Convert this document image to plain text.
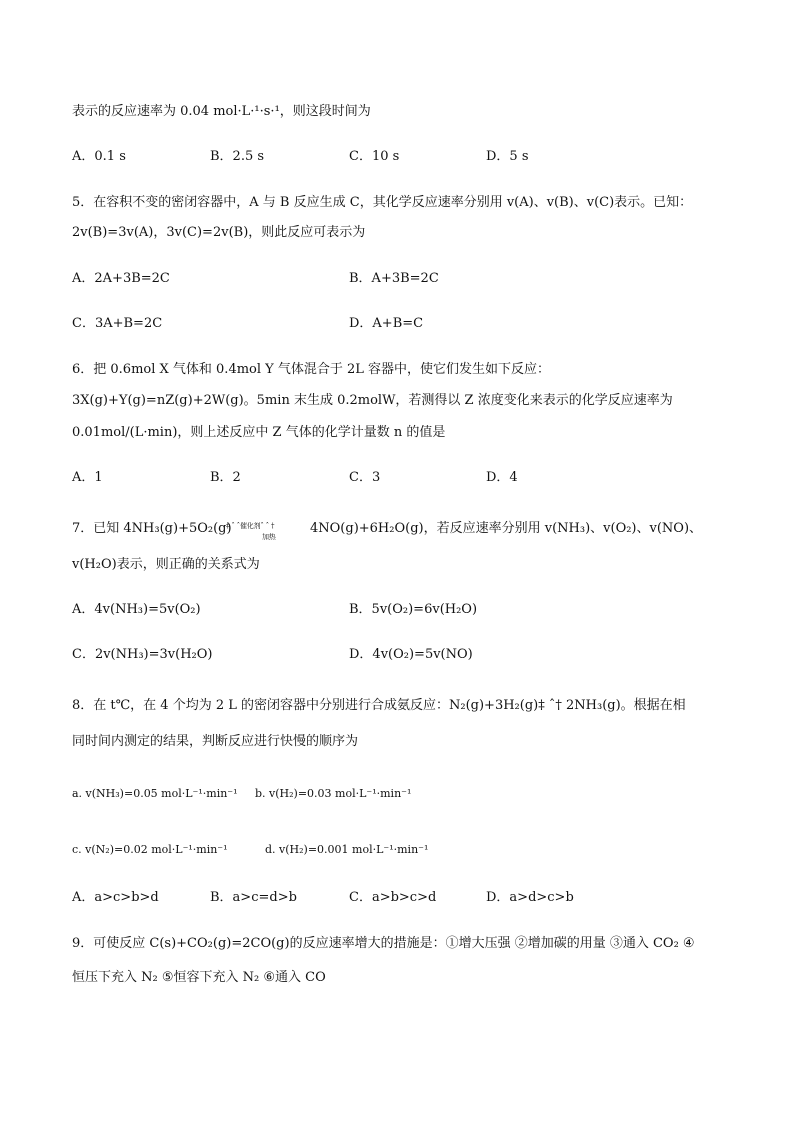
表示的反应速率为 0.04 mol·L·¹·s·¹，则这段时间为
A．0.1 s	B．2.5 s	C．10 s	D．5 s
5．在容积不变的密闭容器中，A 与 B 反应生成 C，其化学反应速率分别用 v(A)、v(B)、v(C)表示。已知：
2v(B)=3v(A)，3v(C)=2v(B)，则此反应可表示为
A．2A+3B=2C	B．A+3B=2C
C．3A+B=2C	D．A+B=C
6．把 0.6mol X 气体和 0.4mol Y 气体混合于 2L 容器中，使它们发生如下反应：
3X(g)+Y(g)=nZ(g)+2W(g)。5min 末生成 0.2molW，若测得以 Z 浓度变化来表示的化学反应速率为
0.01mol/(L·min)，则上述反应中 Z 气体的化学计量数 n 的值是
A．1	B．2	C．3	D．4
7．已知 4NH₃(g)+5O₂(g)
‡ ˆ ˆ催化剂ˆ ˆ †
加热
4NO(g)+6H₂O(g)，若反应速率分别用 v(NH₃)、v(O₂)、v(NO)、
v(H₂O)表示，则正确的关系式为
A．4v(NH₃)=5v(O₂)	B．5v(O₂)=6v(H₂O)
C．2v(NH₃)=3v(H₂O)	D．4v(O₂)=5v(NO)
8．在 t℃，在 4 个均为 2 L 的密闭容器中分别进行合成氨反应：N₂(g)+3H₂(g)‡ ˆ† 2NH₃(g)。根据在相
同时间内测定的结果，判断反应进行快慢的顺序为
a. v(NH₃)=0.05 mol·L⁻¹·min⁻¹ b. v(H₂)=0.03 mol·L⁻¹·min⁻¹
c. v(N₂)=0.02 mol·L⁻¹·min⁻¹	d. v(H₂)=0.001 mol·L⁻¹·min⁻¹
A．a>c>b>d	B．a>c=d>b	C．a>b>c>d	D．a>d>c>b
9．可使反应 C(s)+CO₂(g)=2CO(g)的反应速率增大的措施是：①增大压强 ②增加碳的用量 ③通入 CO₂ ④
恒压下充入 N₂ ⑤恒容下充入 N₂ ⑥通入 CO
